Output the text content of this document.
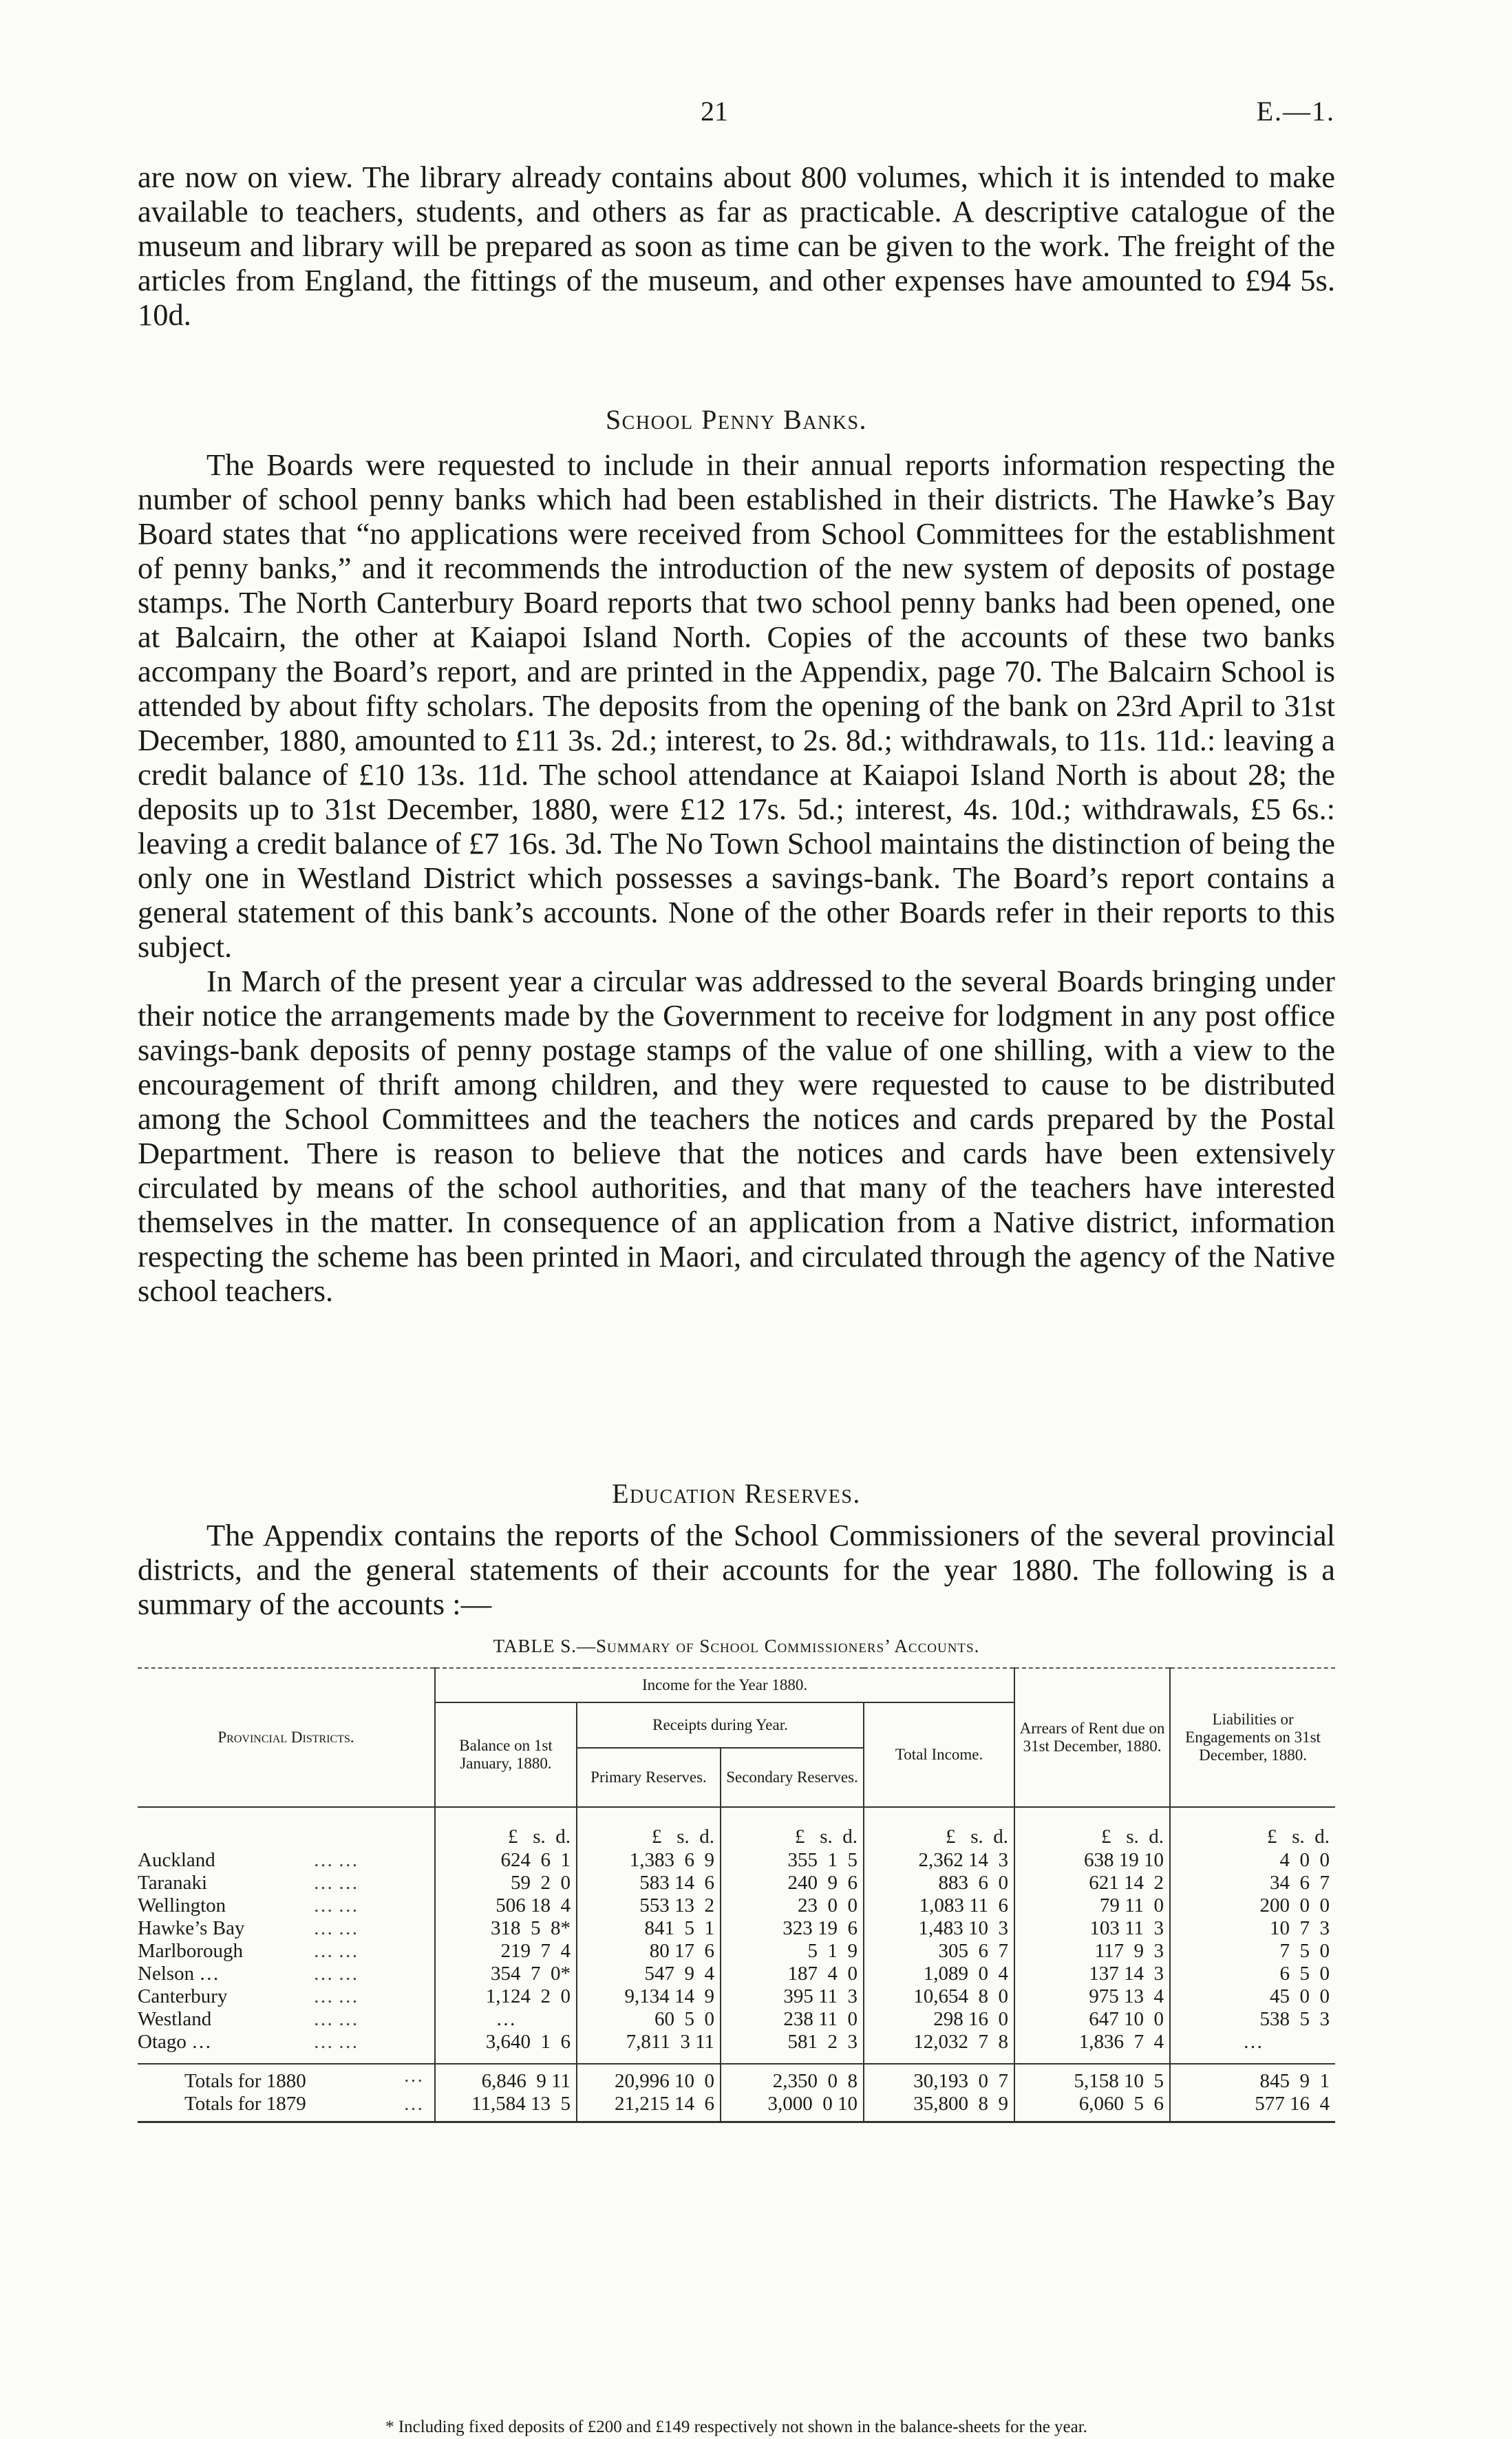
21	E.—1.

are now on view. The library already contains about 800 volumes, which it is intended to make available to teachers, students, and others as far as practicable. A descriptive catalogue of the museum and library will be prepared as soon as time can be given to the work. The freight of the articles from England, the fittings of the museum, and other expenses have amounted to £94 5s. 10d.

School Penny Banks.

The Boards were requested to include in their annual reports information respecting the number of school penny banks which had been established in their districts. The Hawke’s Bay Board states that “no applications were received from School Committees for the establishment of penny banks,” and it recommends the introduction of the new system of deposits of postage stamps. The North Canterbury Board reports that two school penny banks had been opened, one at Balcairn, the other at Kaiapoi Island North. Copies of the accounts of these two banks accompany the Board’s report, and are printed in the Appendix, page 70. The Balcairn School is attended by about fifty scholars. The deposits from the opening of the bank on 23rd April to 31st December, 1880, amounted to £11 3s. 2d.; interest, to 2s. 8d.; withdrawals, to 11s. 11d.: leaving a credit balance of £10 13s. 11d. The school attendance at Kaiapoi Island North is about 28; the deposits up to 31st December, 1880, were £12 17s. 5d.; interest, 4s. 10d.; withdrawals, £5 6s.: leaving a credit balance of £7 16s. 3d. The No Town School maintains the distinction of being the only one in Westland District which possesses a savings-bank. The Board’s report contains a general statement of this bank’s accounts. None of the other Boards refer in their reports to this subject.

In March of the present year a circular was addressed to the several Boards bringing under their notice the arrangements made by the Government to receive for lodgment in any post office savings-bank deposits of penny postage stamps of the value of one shilling, with a view to the encouragement of thrift among children, and they were requested to cause to be distributed among the School Committees and the teachers the notices and cards prepared by the Postal Department. There is reason to believe that the notices and cards have been extensively circulated by means of the school authorities, and that many of the teachers have interested themselves in the matter. In consequence of an application from a Native district, information respecting the scheme has been printed in Maori, and circulated through the agency of the Native school teachers.

Education Reserves.

The Appendix contains the reports of the School Commissioners of the several provincial districts, and the general statements of their accounts for the year 1880. The following is a summary of the accounts :—

TABLE S.—Summary of School Commissioners’ Accounts.
Provincial Districts.	Income for the Year 1880.				Arrears of Rent due on 31st December, 1880.	Liabilities or Engagements on 31st December, 1880.
	Balance on 1st January, 1880.	Receipts during Year.		Total Income.		
		Primary Reserves.	Secondary Reserves.			

	£   s.  d.	£   s.  d.	£   s.  d.	£   s.  d.	£   s.  d.	£   s.  d.
Auckland … …	624  6  1	1,383  6  9	355  1  5	2,362 14  3	638 19 10	4  0  0
Taranaki … …	59  2  0	583 14  6	240  9  6	883  6  0	621 14  2	34  6  7
Wellington … …	506 18  4	553 13  2	23  0  0	1,083 11  6	79 11  0	200  0  0
Hawke’s Bay … …	318  5  8*	841  5  1	323 19  6	1,483 10  3	103 11  3	10  7  3
Marlborough … …	219  7  4	80 17  6	5  1  9	305  6  7	117  9  3	7  5  0
Nelson … … …	354  7  0*	547  9  4	187  4  0	1,089  0  4	137 14  3	6  5  0
Canterbury … …	1,124  2  0	9,134 14  9	395 11  3	10,654  8  0	975 13  4	45  0  0
Westland … …	…	60  5  0	238 11  0	298 16  0	647 10  0	538  5  3
Otago … … …	3,640  1  6	7,811  3 11	581  2  3	12,032  7  8	1,836  7  4	…

Totals for 1880 …	6,846  9 11	20,996 10  0	2,350  0  8	30,193  0  7	5,158 10  5	845  9  1
Totals for 1879 …	11,584 13  5	21,215 14  6	3,000  0 10	35,800  8  9	6,060  5  6	577 16  4

* Including fixed deposits of £200 and £149 respectively not shown in the balance-sheets for the year.
